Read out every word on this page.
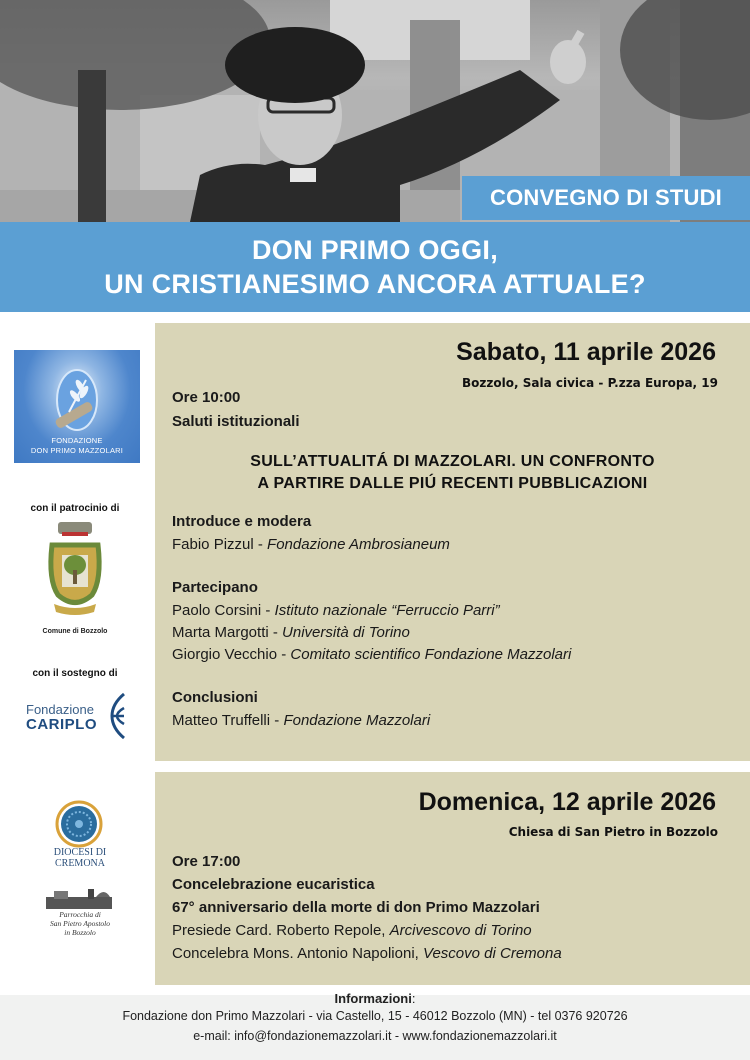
CONVEGNO DI STUDI
DON PRIMO OGGI,
UN CRISTIANESIMO ANCORA ATTUALE?
FONDAZIONE
DON PRIMO MAZZOLARI
con il patrocinio di
Comune di Bozzolo
con il sostegno di
Fondazione
CARIPLO
DIOCESI DI
CREMONA
Parrocchia di
San Pietro Apostolo
in Bozzolo
Sabato, 11 aprile 2026
Bozzolo, Sala civica - P.zza Europa, 19
Ore 10:00
Saluti istituzionali
SULL’ATTUALITÁ DI MAZZOLARI. UN CONFRONTO
A PARTIRE DALLE PIÚ RECENTI PUBBLICAZIONI
Introduce e modera
Fabio Pizzul - Fondazione Ambrosianeum
Partecipano
Paolo Corsini - Istituto nazionale “Ferruccio Parri”
Marta Margotti - Università di Torino
Giorgio Vecchio - Comitato scientifico Fondazione Mazzolari
Conclusioni
Matteo Truffelli - Fondazione Mazzolari
Domenica, 12 aprile 2026
Chiesa di San Pietro in Bozzolo
Ore 17:00
Concelebrazione eucaristica
67° anniversario della morte di don Primo Mazzolari
Presiede Card. Roberto Repole, Arcivescovo di Torino
Concelebra Mons. Antonio Napolioni, Vescovo di Cremona
Informazioni:
Fondazione don Primo Mazzolari - via Castello, 15 - 46012 Bozzolo (MN) - tel 0376 920726
e-mail: info@fondazionemazzolari.it - www.fondazionemazzolari.it
